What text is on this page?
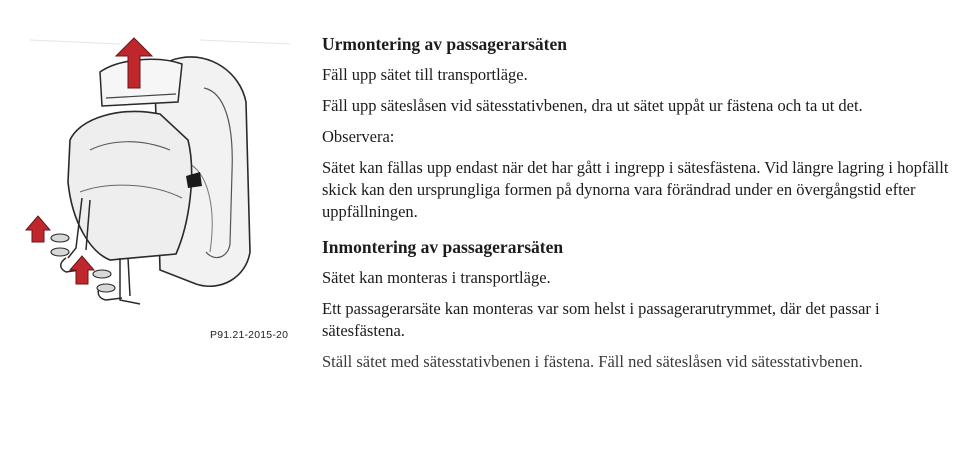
P91.21-2015-20
Urmontering av passagerarsäten

Fäll upp sätet till transportläge.

Fäll upp säteslåsen vid sätesstativbenen, dra ut sätet uppåt ur fästena och ta ut det.

Observera:

Sätet kan fällas upp endast när det har gått i ingrepp i sätesfästena. Vid längre lagring i hopfällt skick kan den ursprungliga formen på dynorna vara förändrad under en övergångstid efter uppfällningen.

Inmontering av passagerarsäten

Sätet kan monteras i transportläge.

Ett passagerarsäte kan monteras var som helst i passagerarutrymmet, där det passar i sätesfästena.

Ställ sätet med sätesstativbenen i fästena. Fäll ned säteslåsen vid sätesstativbenen.
